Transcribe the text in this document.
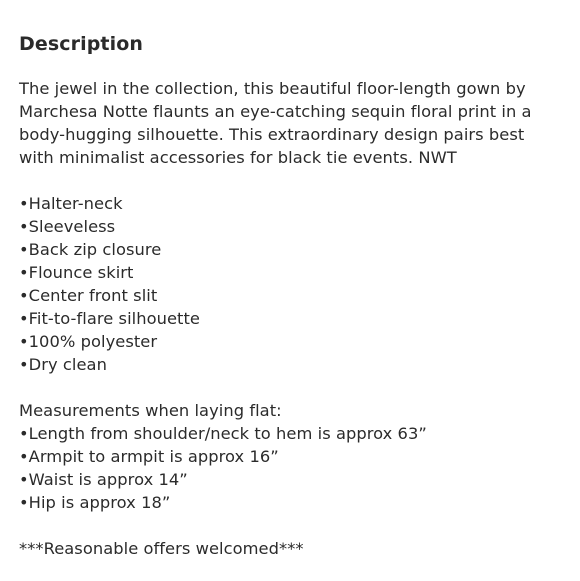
Description
The jewel in the collection, this beautiful floor-length gown by
Marchesa Notte flaunts an eye-catching sequin floral print in a
body-hugging silhouette. This extraordinary design pairs best
with minimalist accessories for black tie events. NWT
•Halter-neck
•Sleeveless
•Back zip closure
•Flounce skirt
•Center front slit
•Fit-to-flare silhouette
•100% polyester
•Dry clean
Measurements when laying flat:
•Length from shoulder/neck to hem is approx 63”
•Armpit to armpit is approx 16”
•Waist is approx 14”
•Hip is approx 18”
***Reasonable offers welcomed***
